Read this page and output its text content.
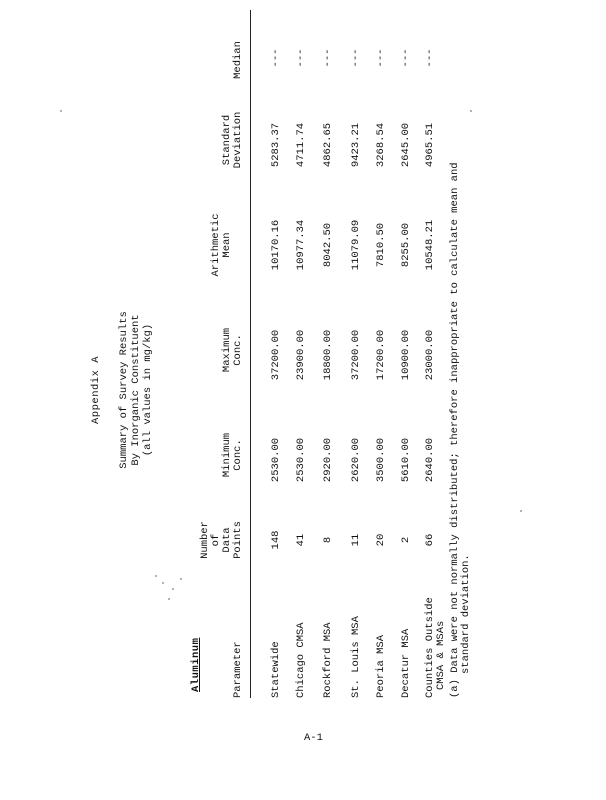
Appendix A Summary of Survey Results By Inorganic Constituent (all values in mg/kg)
Aluminum	Parameter
Number of Data Points
Minimum Conc.
Maximum Conc.
Arithmetic Mean
Standard Deviation
Median
Statewide
148
2530.00
37200.00
10170.16
5283.37
---
Chicago CMSA
41
2530.00
23900.00
10977.34
4711.74
---
Rockford MSA
8
2920.00
18800.00
8042.50
4862.65
---
St. Louis MSA
11
2620.00
37200.00
11079.09
9423.21
---
Peoria MSA
20
3500.00
17200.00
7810.50
3268.54
---
Decatur MSA
2
5610.00
10900.00
8255.00
2645.00
---
Counties Outside CMSA & MSAs
66
2640.00
23000.00
10548.21
4965.51
---
(a) Data were not normally distributed; therefore inappropriate to calculate mean and standard deviation.
A-1
